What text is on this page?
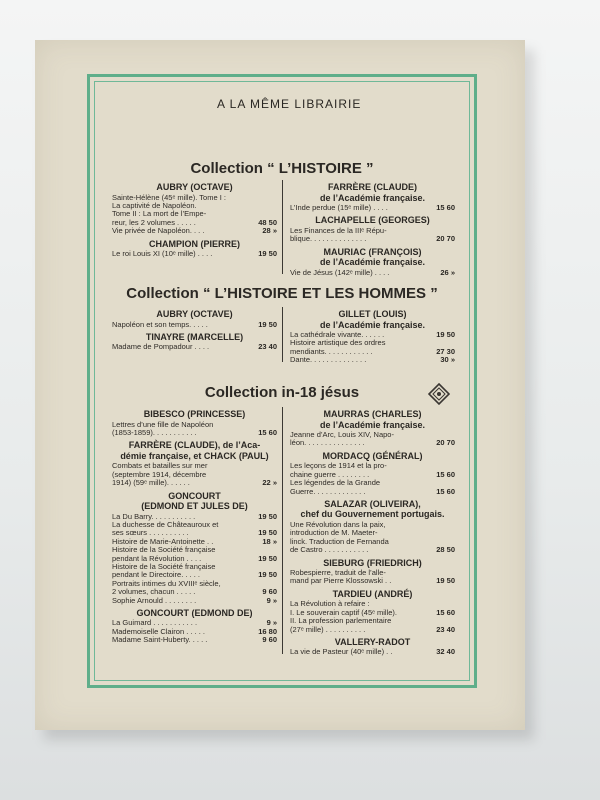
A LA MÊME LIBRAIRIE
Collection “ L’HISTOIRE ”
AUBRY (OCTAVE)
Sainte-Hélène (45ᵉ mille). Tome I :
La captivité de Napoléon.
Tome II : La mort de l’Empe-
reur, les 2 volumes . . . . .	48 50
Vie privée de Napoléon. . . .	28 »
CHAMPION (PIERRE)
Le roi Louis XI (10ᵉ mille) . . . .	19 50
FARRÈRE (CLAUDE)
de l’Académie française.
L’Inde perdue (15ᵉ mille) . . . .	15 60
LACHAPELLE (GEORGES)
Les Finances de la IIIᵉ Répu-
blique. . . . . . . . . . . . . .	20 70
MAURIAC (FRANÇOIS)
de l’Académie française.
Vie de Jésus (142ᵉ mille) . . . .	26 »
Collection “ L’HISTOIRE ET LES HOMMES ”
AUBRY (OCTAVE)
Napoléon et son temps. . . . .	19 50
TINAYRE (MARCELLE)
Madame de Pompadour . . . .	23 40
GILLET (LOUIS)
de l’Académie française.
La cathédrale vivante. . . . . .	19 50
Histoire artistique des ordres
mendiants. . . . . . . . . . . .	27 30
Dante. . . . . . . . . . . . . .	30 »
Collection in-18 jésus
BIBESCO (PRINCESSE)
Lettres d’une fille de Napoléon
(1853-1859). . . . . . . . . . .	15 60
FARRÈRE (CLAUDE), de l’Aca-
démie française, et CHACK (PAUL)
Combats et batailles sur mer
(septembre 1914, décembre
1914) (59ᵉ mille). . . . . .	22 »
GONCOURT
(EDMOND ET JULES DE)
La Du Barry. . . . . . . . . . .	19 50
La duchesse de Châteauroux et
ses sœurs . . . . . . . . . .	19 50
Histoire de Marie-Antoinette . .	18 »
Histoire de la Société française
pendant la Révolution . . . .	19 50
Histoire de la Société française
pendant le Directoire. . . . .	19 50
Portraits intimes du XVIIIᵉ siècle,
2 volumes, chacun . . . . .	9 60
Sophie Arnould . . . . . . . .	9 »
GONCOURT (EDMOND DE)
La Guimard . . . . . . . . . . .	9 »
Mademoiselle Clairon . . . . .	16 80
Madame Saint-Huberty. . . . .	9 60
MAURRAS (CHARLES)
de l’Académie française.
Jeanne d’Arc, Louis XIV, Napo-
léon. . . . . . . . . . . . . . .	20 70
MORDACQ (GÉNÉRAL)
Les leçons de 1914 et la pro-
chaine guerre . . . . . . . .	15 60
Les légendes de la Grande
Guerre. . . . . . . . . . . . .	15 60
SALAZAR (OLIVEIRA),
chef du Gouvernement portugais.
Une Révolution dans la paix,
introduction de M. Maeter-
linck. Traduction de Fernanda
de Castro . . . . . . . . . . .	28 50
SIEBURG (FRIEDRICH)
Robespierre, traduit de l’alle-
mand par Pierre Klossowski . .	19 50
TARDIEU (ANDRÉ)
La Révolution à refaire :
I. Le souverain captif (45ᵉ mille).	15 60
II. La profession parlementaire
(27ᵉ mille) . . . . . . . . . .	23 40
VALLERY-RADOT
La vie de Pasteur (40ᵉ mille) . .	32 40
